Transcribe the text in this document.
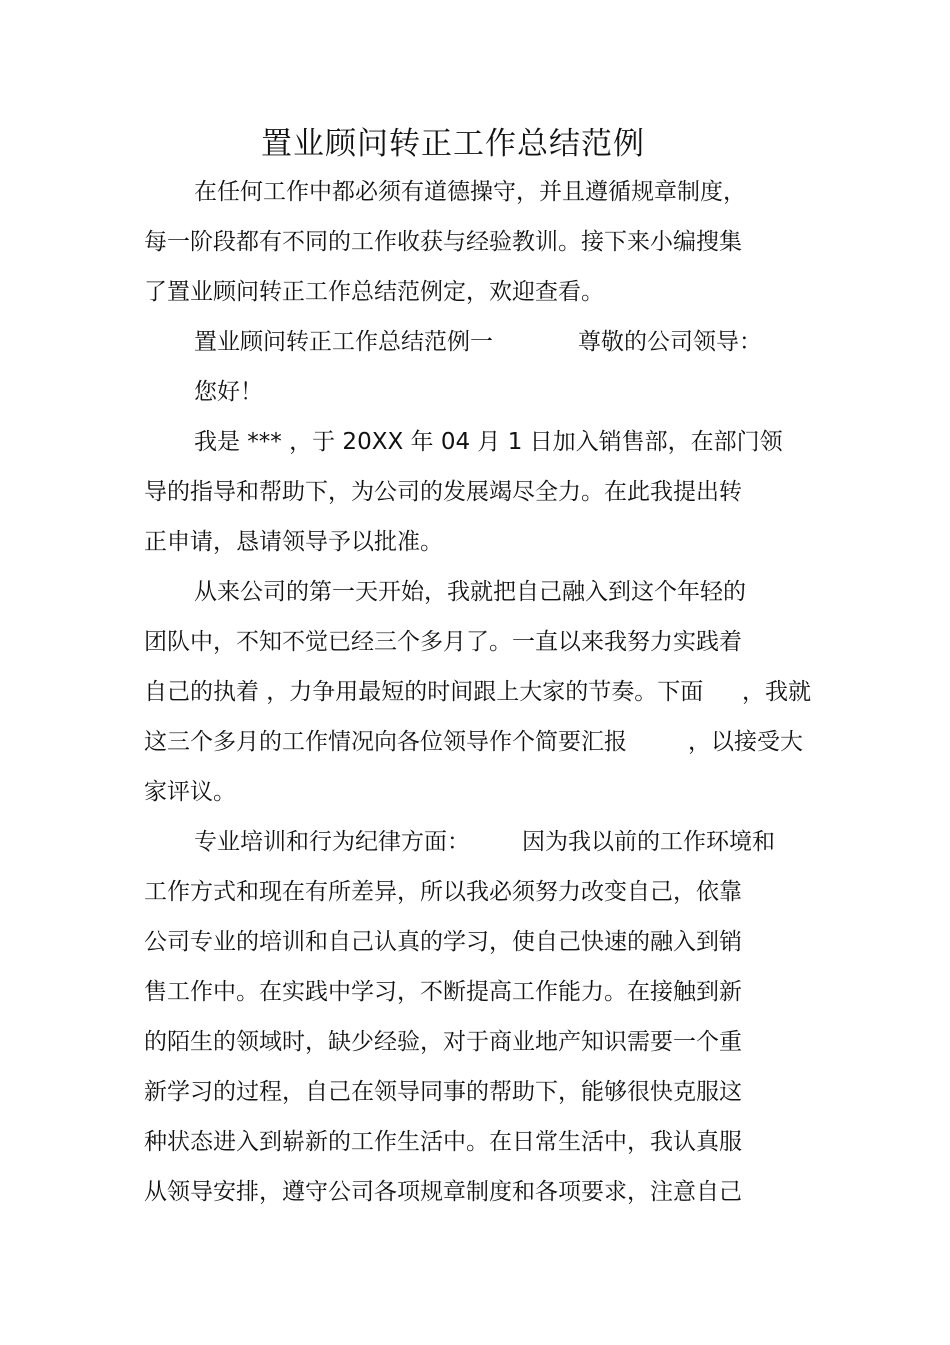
置业顾问转正工作总结范例
在任何工作中都必须有道德操守，并且遵循规章制度，
每一阶段都有不同的工作收获与经验教训。接下来小编搜集
了置业顾问转正工作总结范例定，欢迎查看。
置业顾问转正工作总结范例一	尊敬的公司领导：
您好！
我是 *** ，于 20XX 年 04 月 1 日加入销售部，在部门领
导的指导和帮助下，为公司的发展竭尽全力。在此我提出转
正申请，恳请领导予以批准。
从来公司的第一天开始，我就把自己融入到这个年轻的
团队中，不知不觉已经三个多月了。一直以来我努力实践着
自己的执着 ，力争用最短的时间跟上大家的节奏。下面 ，我就
这三个多月的工作情况向各位领导作个简要汇报	，以接受大
家评议。
专业培训和行为纪律方面： 因为我以前的工作环境和
工作方式和现在有所差异，所以我必须努力改变自己，依靠
公司专业的培训和自己认真的学习，使自己快速的融入到销
售工作中。在实践中学习，不断提高工作能力。在接触到新
的陌生的领域时，缺少经验，对于商业地产知识需要一个重
新学习的过程，自己在领导同事的帮助下，能够很快克服这
种状态进入到崭新的工作生活中。在日常生活中，我认真服
从领导安排，遵守公司各项规章制度和各项要求，注意自己
